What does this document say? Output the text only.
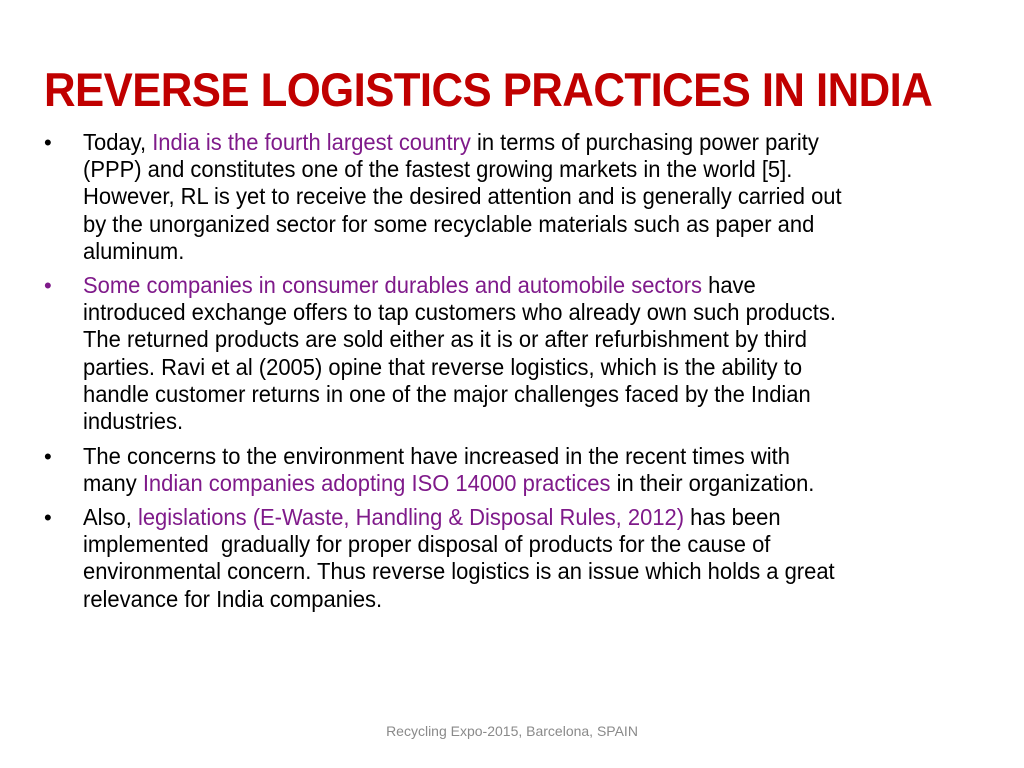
REVERSE LOGISTICS PRACTICES IN INDIA
• Today, India is the fourth largest country in terms of purchasing power parity
(PPP) and constitutes one of the fastest growing markets in the world [5].
However, RL is yet to receive the desired attention and is generally carried out
by the unorganized sector for some recyclable materials such as paper and
aluminum.
• Some companies in consumer durables and automobile sectors have
introduced exchange offers to tap customers who already own such products.
The returned products are sold either as it is or after refurbishment by third
parties. Ravi et al (2005) opine that reverse logistics, which is the ability to
handle customer returns in one of the major challenges faced by the Indian
industries.
• The concerns to the environment have increased in the recent times with
many Indian companies adopting ISO 14000 practices in their organization.
• Also, legislations (E-Waste, Handling & Disposal Rules, 2012) has been
implemented  gradually for proper disposal of products for the cause of
environmental concern. Thus reverse logistics is an issue which holds a great
relevance for India companies.
Recycling Expo-2015, Barcelona, SPAIN
